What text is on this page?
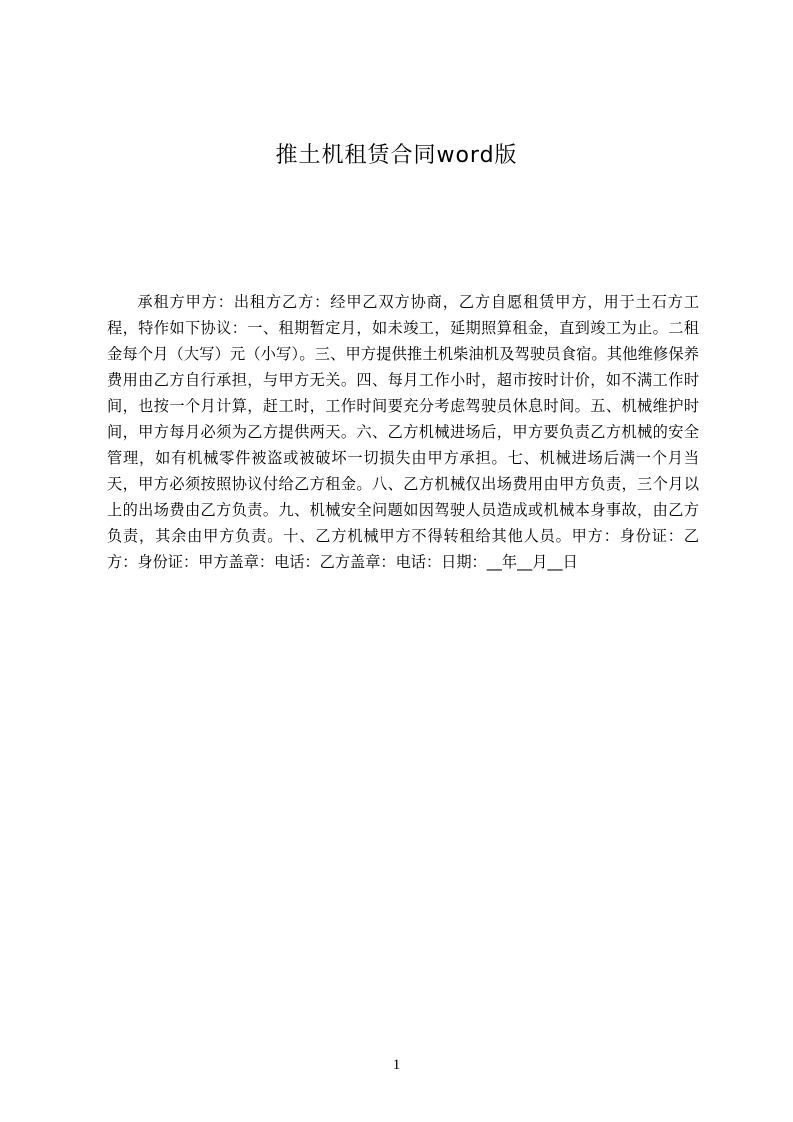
推土机租赁合同word版

承租方甲方：出租方乙方：经甲乙双方协商，乙方自愿租赁甲方，用于土石方工程，特作如下协议：一、租期暂定月，如未竣工，延期照算租金，直到竣工为止。二租金每个月（大写）元（小写）。三、甲方提供推土机柴油机及驾驶员食宿。其他维修保养费用由乙方自行承担，与甲方无关。四、每月工作小时，超市按时计价，如不满工作时间，也按一个月计算，赶工时，工作时间要充分考虑驾驶员休息时间。五、机械维护时间，甲方每月必须为乙方提供两天。六、乙方机械进场后，甲方要负责乙方机械的安全管理，如有机械零件被盗或被破坏一切损失由甲方承担。七、机械进场后满一个月当天，甲方必须按照协议付给乙方租金。八、乙方机械仅出场费用由甲方负责，三个月以上的出场费由乙方负责。九、机械安全问题如因驾驶人员造成或机械本身事故，由乙方负责，其余由甲方负责。十、乙方机械甲方不得转租给其他人员。甲方：身份证：乙方：身份证：甲方盖章：电话：乙方盖章：电话：日期：__年__月__日

1
